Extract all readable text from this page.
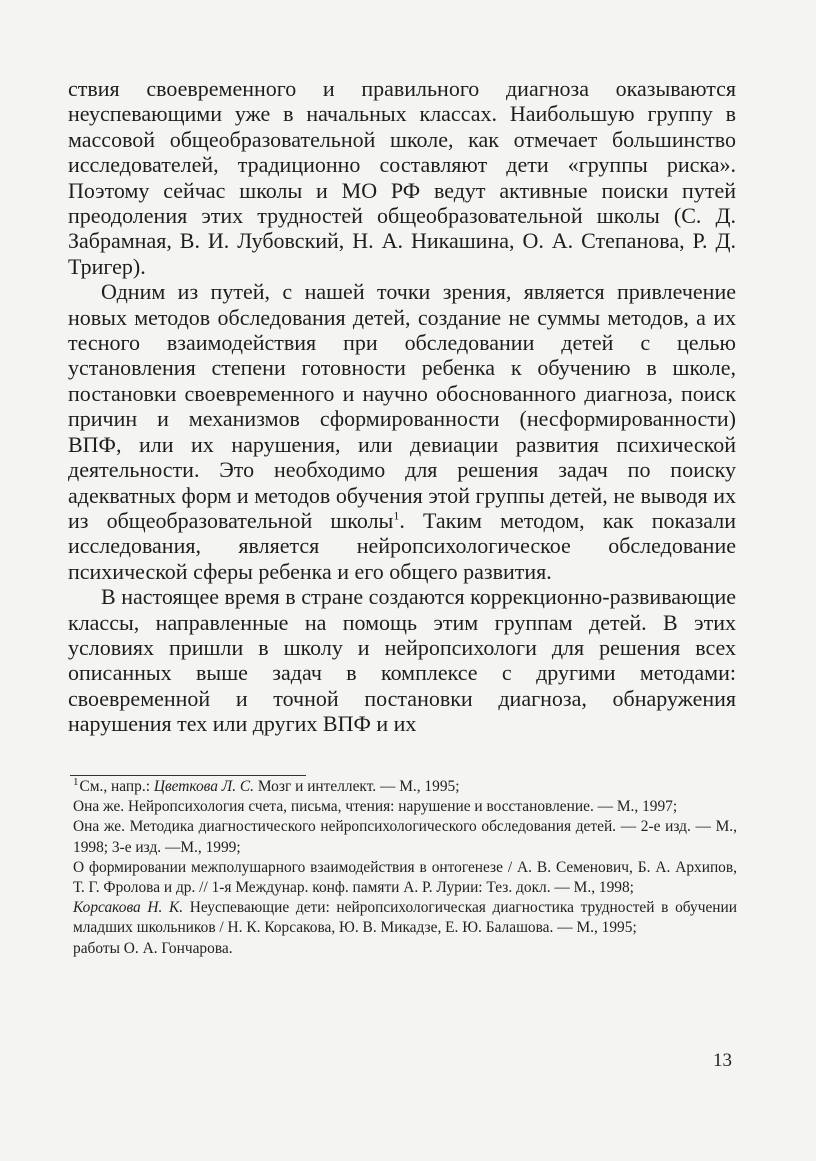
ствия своевременного и правильного диагноза оказываются неуспевающими уже в начальных классах. Наибольшую группу в массовой общеобразовательной школе, как отмечает большинство исследователей, традиционно составляют дети «группы риска». Поэтому сейчас школы и МО РФ ведут активные поиски путей преодоления этих трудностей общеобразовательной школы (С. Д. Забрамная, В. И. Лубовский, Н. А. Никашина, О. А. Степанова, Р. Д. Тригер).

Одним из путей, с нашей точки зрения, является привлечение новых методов обследования детей, создание не суммы методов, а их тесного взаимодействия при обследовании детей с целью установления степени готовности ребенка к обучению в школе, постановки своевременного и научно обоснованного диагноза, поиск причин и механизмов сформированности (несформированности) ВПФ, или их нарушения, или девиации развития психической деятельности. Это необходимо для решения задач по поиску адекватных форм и методов обучения этой группы детей, не выводя их из общеобразовательной школы$^1$. Таким методом, как показали исследования, является нейропсихологическое обследование психической сферы ребенка и его общего развития.

В настоящее время в стране создаются коррекционно-развивающие классы, направленные на помощь этим группам детей. В этих условиях пришли в школу и нейропсихологи для решения всех описанных выше задач в комплексе с другими методами: своевременной и точной постановки диагноза, обнаружения нарушения тех или других ВПФ и их

$^1$См., напр.: Цветкова Л. С. Мозг и интеллект. — М., 1995;

Она же. Нейропсихология счета, письма, чтения: нарушение и восстановление. — М., 1997;

Она же. Методика диагностического нейропсихологического обследования детей. — 2-е изд. — М., 1998; 3-е изд. —М., 1999;

О формировании межполушарного взаимодействия в онтогенезе / А. В. Семенович, Б. А. Архипов, Т. Г. Фролова и др. // 1-я Междунар. конф. памяти А. Р. Лурии: Тез. докл. — М., 1998;

Корсакова Н. К. Неуспевающие дети: нейропсихологическая диагностика трудностей в обучении младших школьников / Н. К. Корсакова, Ю. В. Микадзе, Е. Ю. Балашова. — М., 1995;

работы О. А. Гончарова.

13
